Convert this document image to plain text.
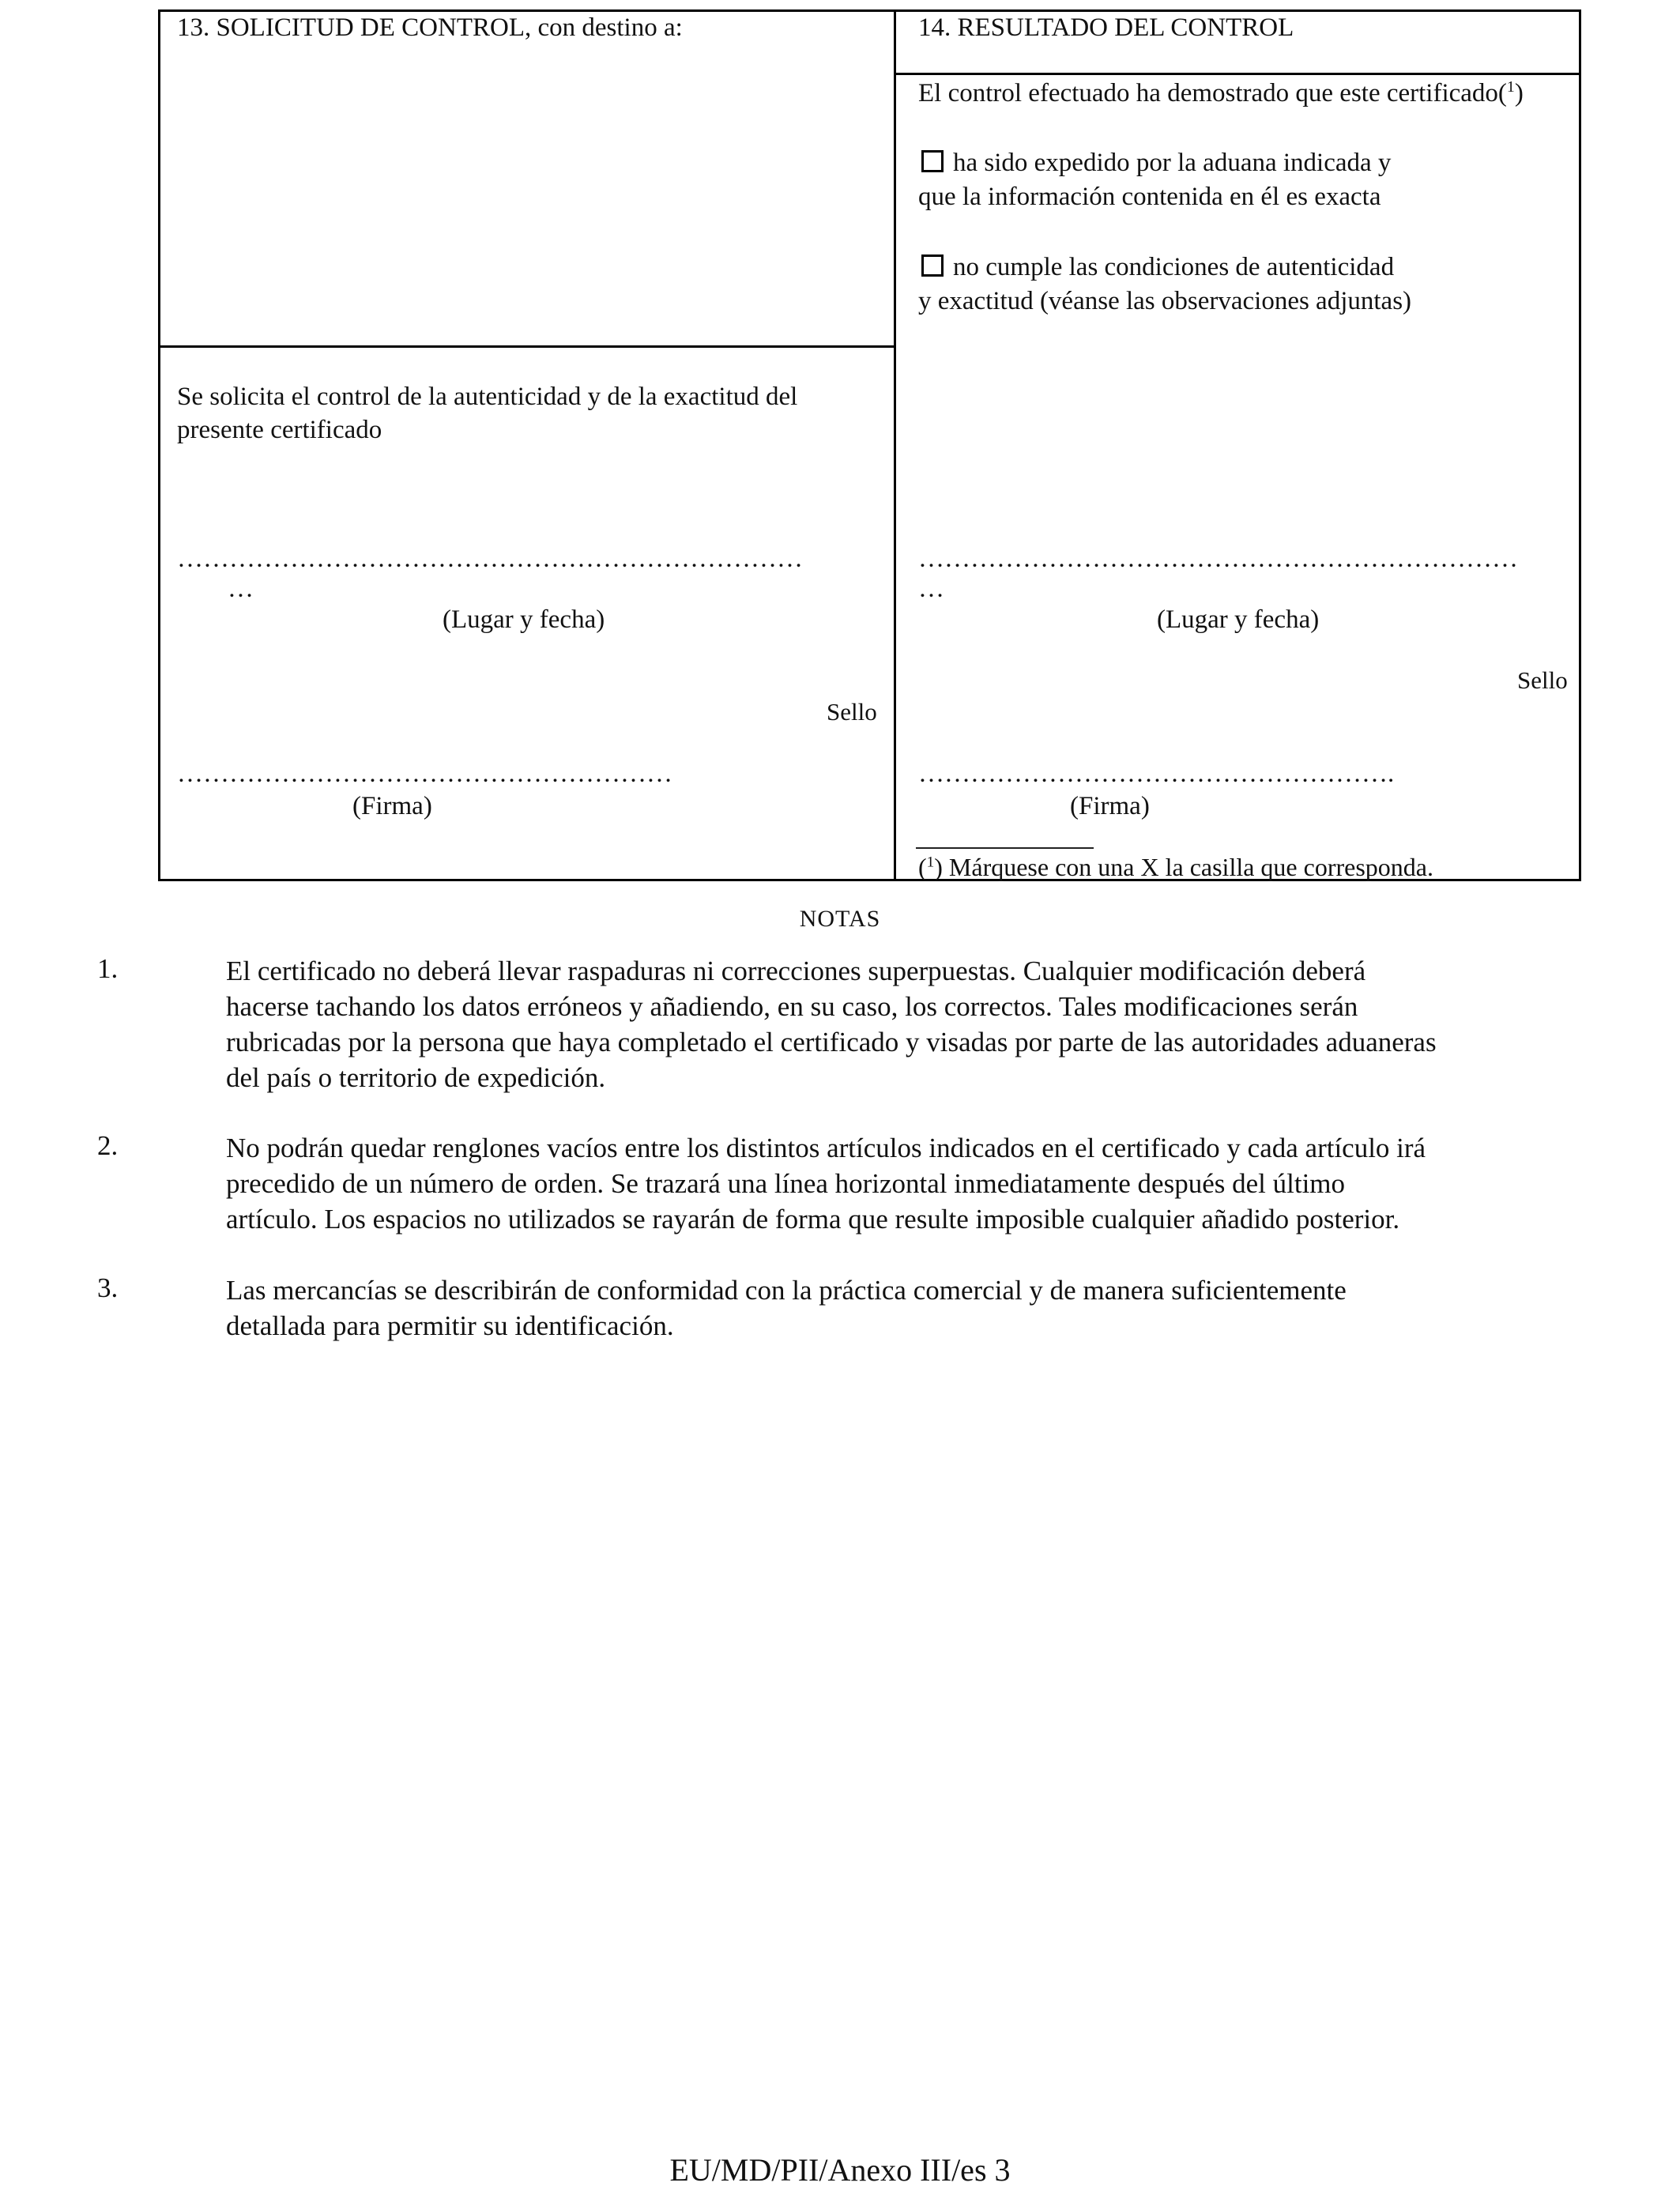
13. SOLICITUD DE CONTROL, con destino a:
Se solicita el control de la autenticidad y de la exactitud del
presente certificado
………………………………………………………………
…
(Lugar y fecha)
Sello
…………………………………………………
(Firma)
14. RESULTADO DEL CONTROL
El control efectuado ha demostrado que este certificado($^1$)
ha sido expedido por la aduana indicada y
que la información contenida en él es exacta
no cumple las condiciones de autenticidad
y exactitud (véanse las observaciones adjuntas)
……………………………………………………………
…
(Lugar y fecha)
Sello
……………………………………………….
(Firma)
($^1$) Márquese con una X la casilla que corresponda.
NOTAS
1.	El certificado no deberá llevar raspaduras ni correcciones superpuestas. Cualquier modificación deberá
hacerse tachando los datos erróneos y añadiendo, en su caso, los correctos. Tales modificaciones serán
rubricadas por la persona que haya completado el certificado y visadas por parte de las autoridades aduaneras
del país o territorio de expedición.
2.	No podrán quedar renglones vacíos entre los distintos artículos indicados en el certificado y cada artículo irá
precedido de un número de orden. Se trazará una línea horizontal inmediatamente después del último
artículo. Los espacios no utilizados se rayarán de forma que resulte imposible cualquier añadido posterior.
3.	Las mercancías se describirán de conformidad con la práctica comercial y de manera suficientemente
detallada para permitir su identificación.
EU/MD/PII/Anexo III/es 3
